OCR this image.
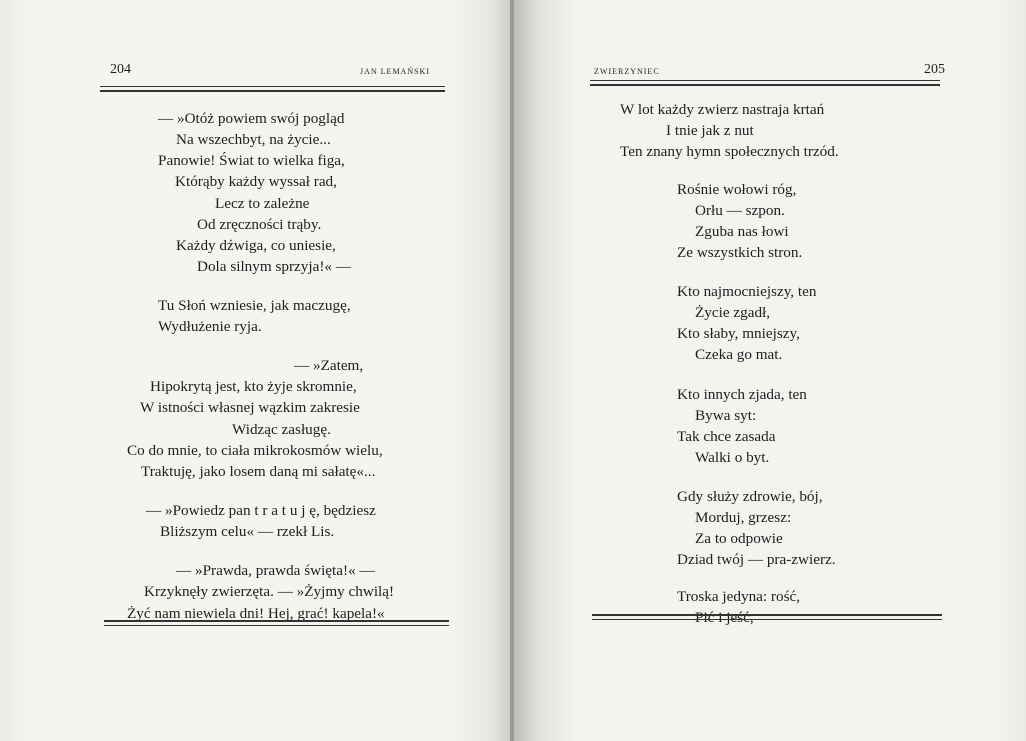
204	JAN LEMAŃSKI

— »Otóż powiem swój pogląd

Na wszechbyt, na życie...

Panowie! Świat to wielka figa,

Którąby każdy wyssał rad,

Lecz to zależne

Od zręczności trąby.

Każdy dźwiga, co uniesie,

Dola silnym sprzyja!« —

Tu Słoń wzniesie, jak maczugę,

Wydłużenie ryja.

— »Zatem,

Hipokrytą jest, kto żyje skromnie,

W istności własnej wązkim zakresie

Widząc zasługę.

Co do mnie, to ciała mikrokosmów wielu,

Traktuję, jako losem daną mi sałatę«...

— »Powiedz pan t r a t u j ę, będziesz

Bliższym celu« — rzekł Lis.

— »Prawda, prawda święta!« —

Krzyknęły zwierzęta. — »Żyjmy chwilą!

Żyć nam niewiela dni! Hej, grać! kapela!«

ZWIERZYNIEC	205

W lot każdy zwierz nastraja krtań

I tnie jak z nut

Ten znany hymn społecznych trzód.

Rośnie wołowi róg,

Orłu — szpon.

Zguba nas łowi

Ze wszystkich stron.

Kto najmocniejszy, ten

Życie zgadł,

Kto słaby, mniejszy,

Czeka go mat.

Kto innych zjada, ten

Bywa syt:

Tak chce zasada

Walki o byt.

Gdy służy zdrowie, bój,

Morduj, grzesz:

Za to odpowie

Dziad twój — pra-zwierz.

Troska jedyna: rość,

Pić i jeść,
